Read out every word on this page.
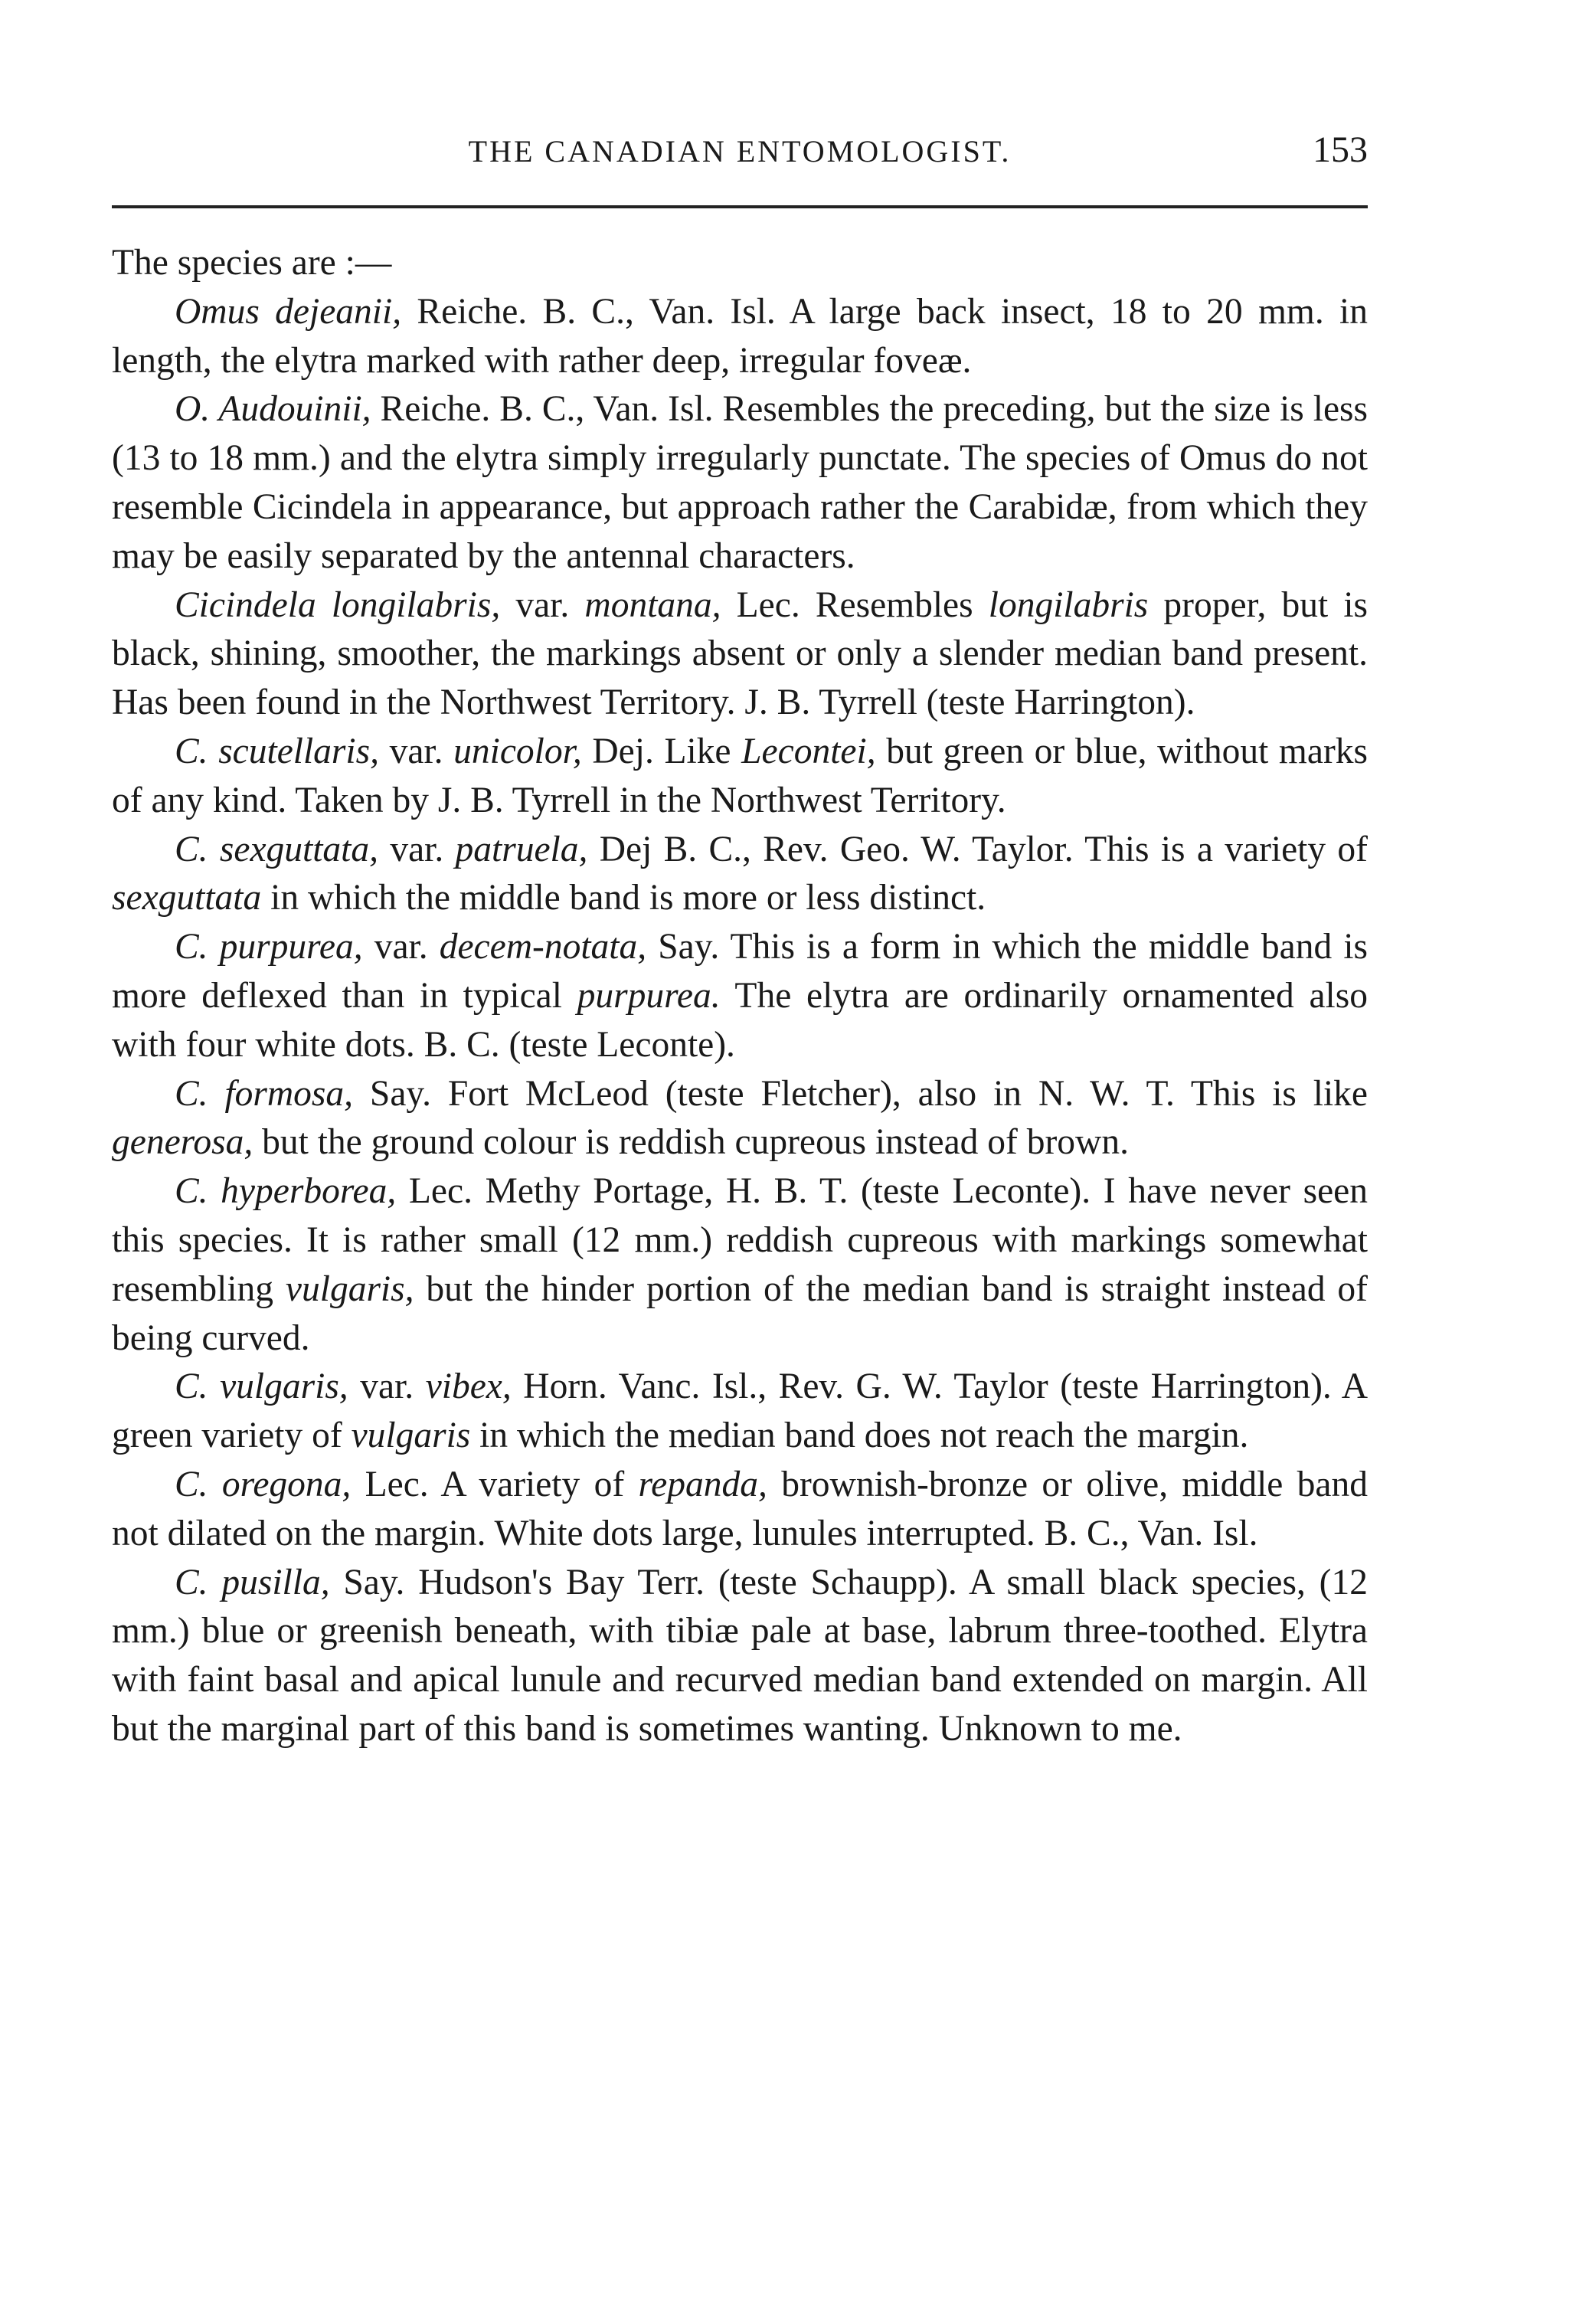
THE CANADIAN ENTOMOLOGIST.	153

The species are :—

Omus dejeanii, Reiche. B. C., Van. Isl. A large back insect, 18 to 20 mm. in length, the elytra marked with rather deep, irregular foveæ.

O. Audouinii, Reiche. B. C., Van. Isl. Resembles the preceding, but the size is less (13 to 18 mm.) and the elytra simply irregularly punctate. The species of Omus do not resemble Cicindela in appearance, but approach rather the Carabidæ, from which they may be easily separated by the antennal characters.

Cicindela longilabris, var. montana, Lec. Resembles longilabris proper, but is black, shining, smoother, the markings absent or only a slender median band present. Has been found in the Northwest Territory. J. B. Tyrrell (teste Harrington).

C. scutellaris, var. unicolor, Dej. Like Lecontei, but green or blue, without marks of any kind. Taken by J. B. Tyrrell in the Northwest Territory.

C. sexguttata, var. patruela, Dej B. C., Rev. Geo. W. Taylor. This is a variety of sexguttata in which the middle band is more or less distinct.

C. purpurea, var. decem-notata, Say. This is a form in which the middle band is more deflexed than in typical purpurea. The elytra are ordinarily ornamented also with four white dots. B. C. (teste Leconte).

C. formosa, Say. Fort McLeod (teste Fletcher), also in N. W. T. This is like generosa, but the ground colour is reddish cupreous instead of brown.

C. hyperborea, Lec. Methy Portage, H. B. T. (teste Leconte). I have never seen this species. It is rather small (12 mm.) reddish cupreous with markings somewhat resembling vulgaris, but the hinder portion of the median band is straight instead of being curved.

C. vulgaris, var. vibex, Horn. Vanc. Isl., Rev. G. W. Taylor (teste Harrington). A green variety of vulgaris in which the median band does not reach the margin.

C. oregona, Lec. A variety of repanda, brownish-bronze or olive, middle band not dilated on the margin. White dots large, lunules interrupted. B. C., Van. Isl.

C. pusilla, Say. Hudson's Bay Terr. (teste Schaupp). A small black species, (12 mm.) blue or greenish beneath, with tibiæ pale at base, labrum three-toothed. Elytra with faint basal and apical lunule and recurved median band extended on margin. All but the marginal part of this band is sometimes wanting. Unknown to me.
